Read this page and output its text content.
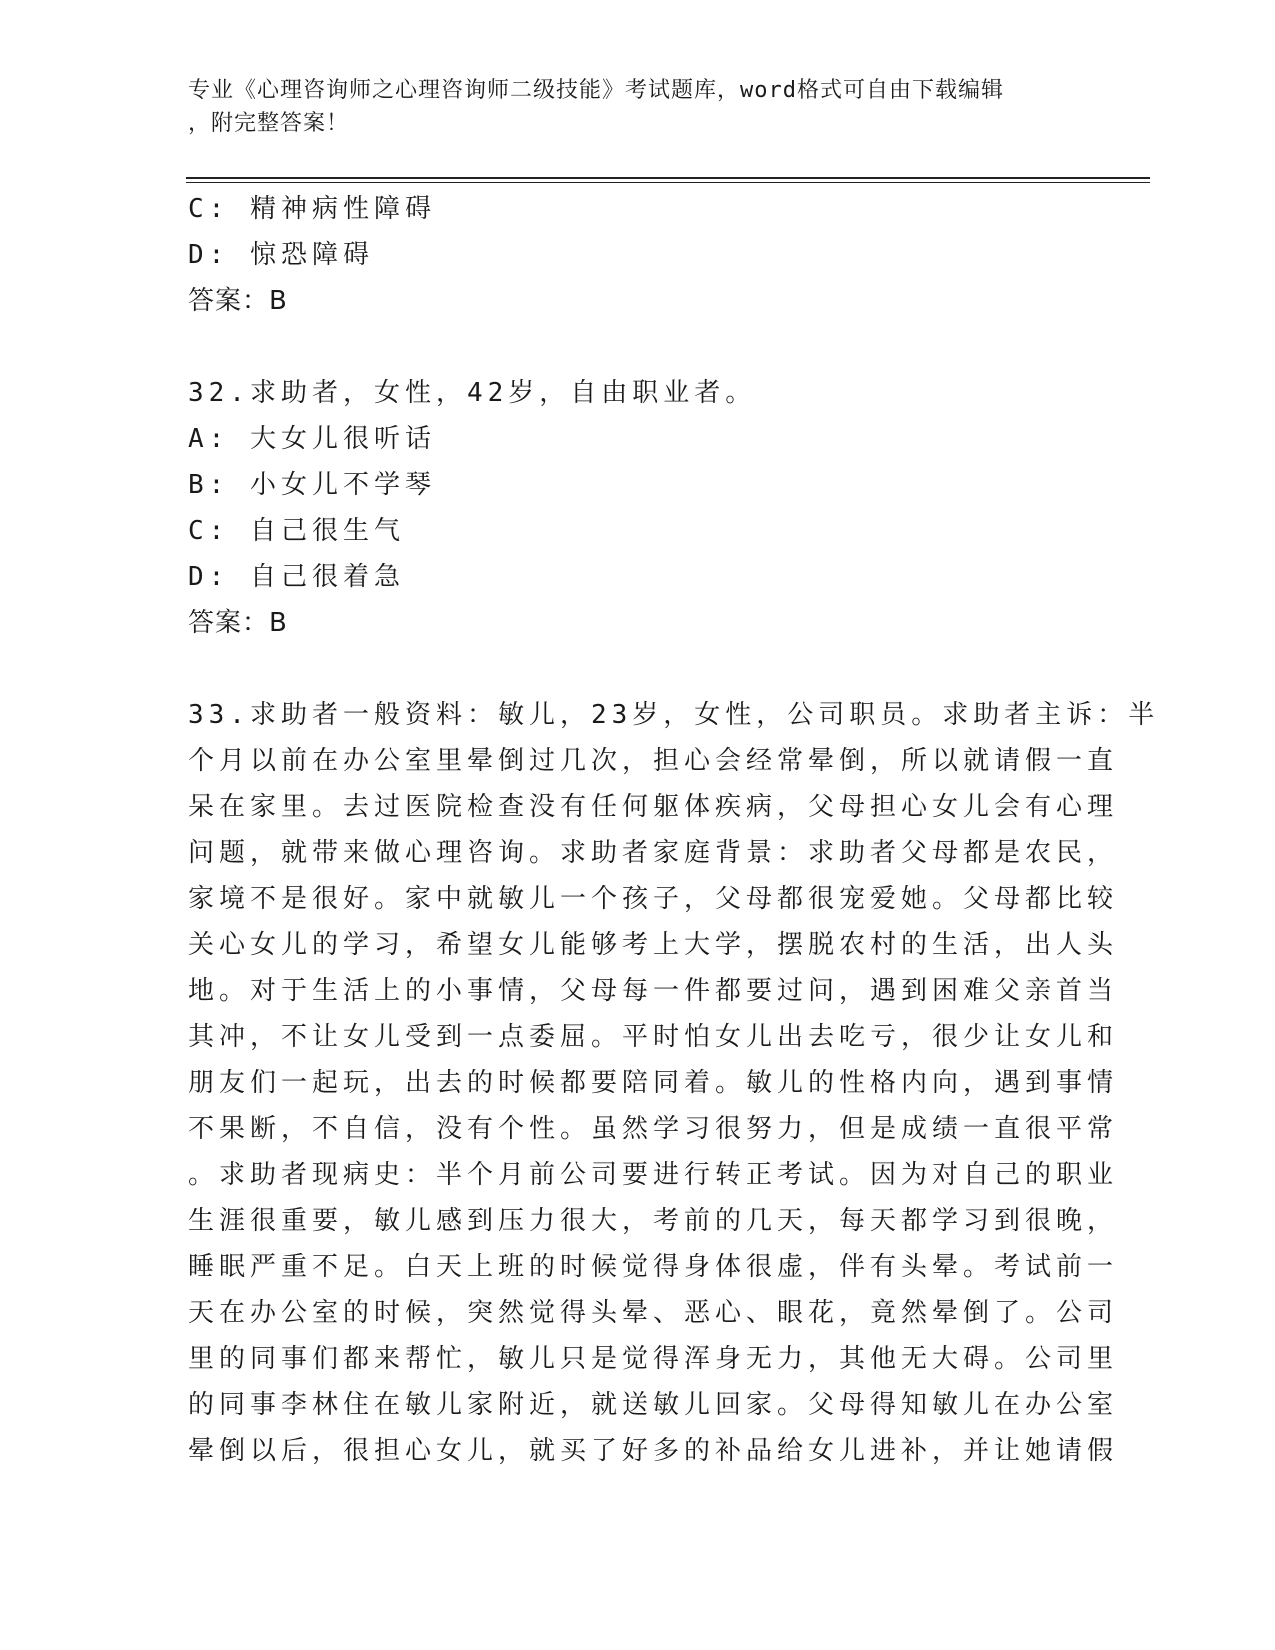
专业《心理咨询师之心理咨询师二级技能》考试题库，word格式可自由下载编辑
，附完整答案！
C: 精神病性障碍
D: 惊恐障碍
答案：B
32.求助者，女性，42岁，自由职业者。
A: 大女儿很听话
B: 小女儿不学琴
C: 自己很生气
D: 自己很着急
答案：B
33.求助者一般资料：敏儿，23岁，女性，公司职员。求助者主诉：半
个月以前在办公室里晕倒过几次，担心会经常晕倒，所以就请假一直
呆在家里。去过医院检查没有任何躯体疾病，父母担心女儿会有心理
问题，就带来做心理咨询。求助者家庭背景：求助者父母都是农民，
家境不是很好。家中就敏儿一个孩子，父母都很宠爱她。父母都比较
关心女儿的学习，希望女儿能够考上大学，摆脱农村的生活，出人头
地。对于生活上的小事情，父母每一件都要过问，遇到困难父亲首当
其冲，不让女儿受到一点委屈。平时怕女儿出去吃亏，很少让女儿和
朋友们一起玩，出去的时候都要陪同着。敏儿的性格内向，遇到事情
不果断，不自信，没有个性。虽然学习很努力，但是成绩一直很平常
。求助者现病史：半个月前公司要进行转正考试。因为对自己的职业
生涯很重要，敏儿感到压力很大，考前的几天，每天都学习到很晚，
睡眠严重不足。白天上班的时候觉得身体很虚，伴有头晕。考试前一
天在办公室的时候，突然觉得头晕、恶心、眼花，竟然晕倒了。公司
里的同事们都来帮忙，敏儿只是觉得浑身无力，其他无大碍。公司里
的同事李林住在敏儿家附近，就送敏儿回家。父母得知敏儿在办公室
晕倒以后，很担心女儿，就买了好多的补品给女儿进补，并让她请假
